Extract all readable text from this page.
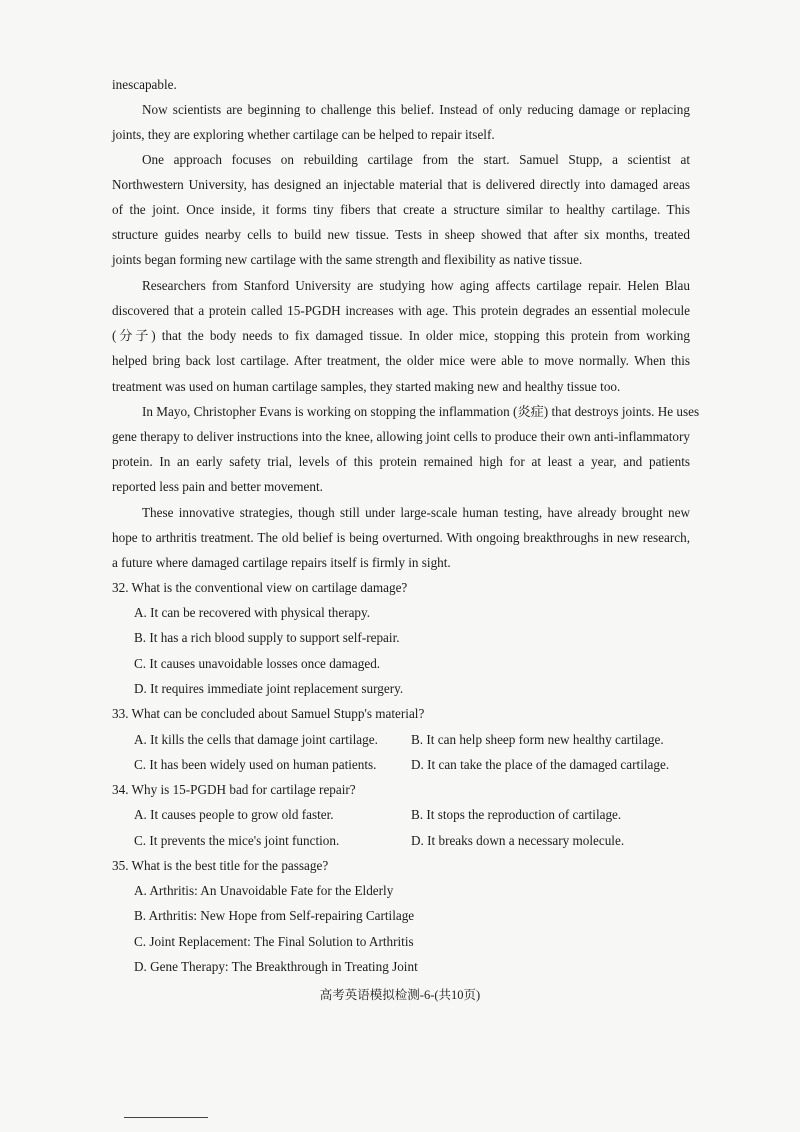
inescapable.
Now scientists are beginning to challenge this belief. Instead of only reducing damage or replacing
joints, they are exploring whether cartilage can be helped to repair itself.
One approach focuses on rebuilding cartilage from the start. Samuel Stupp, a scientist at
Northwestern University, has designed an injectable material that is delivered directly into damaged areas
of the joint. Once inside, it forms tiny fibers that create a structure similar to healthy cartilage. This
structure guides nearby cells to build new tissue. Tests in sheep showed that after six months, treated
joints began forming new cartilage with the same strength and flexibility as native tissue.
Researchers from Stanford University are studying how aging affects cartilage repair. Helen Blau
discovered that a protein called 15-PGDH increases with age. This protein degrades an essential molecule
(分子) that the body needs to fix damaged tissue. In older mice, stopping this protein from working
helped bring back lost cartilage. After treatment, the older mice were able to move normally. When this
treatment was used on human cartilage samples, they started making new and healthy tissue too.
In Mayo, Christopher Evans is working on stopping the inflammation (炎症) that destroys joints. He uses
gene therapy to deliver instructions into the knee, allowing joint cells to produce their own anti-inflammatory
protein. In an early safety trial, levels of this protein remained high for at least a year, and patients
reported less pain and better movement.
These innovative strategies, though still under large-scale human testing, have already brought new
hope to arthritis treatment. The old belief is being overturned. With ongoing breakthroughs in new research,
a future where damaged cartilage repairs itself is firmly in sight.
32. What is the conventional view on cartilage damage?
A. It can be recovered with physical therapy.
B. It has a rich blood supply to support self-repair.
C. It causes unavoidable losses once damaged.
D. It requires immediate joint replacement surgery.
33. What can be concluded about Samuel Stupp's material?
A. It kills the cells that damage joint cartilage.	B. It can help sheep form new healthy cartilage.
C. It has been widely used on human patients.	D. It can take the place of the damaged cartilage.
34. Why is 15-PGDH bad for cartilage repair?
A. It causes people to grow old faster.	B. It stops the reproduction of cartilage.
C. It prevents the mice's joint function.	D. It breaks down a necessary molecule.
35. What is the best title for the passage?
A. Arthritis: An Unavoidable Fate for the Elderly
B. Arthritis: New Hope from Self-repairing Cartilage
C. Joint Replacement: The Final Solution to Arthritis
D. Gene Therapy: The Breakthrough in Treating Joint
高考英语模拟检测-6-(共10页)
